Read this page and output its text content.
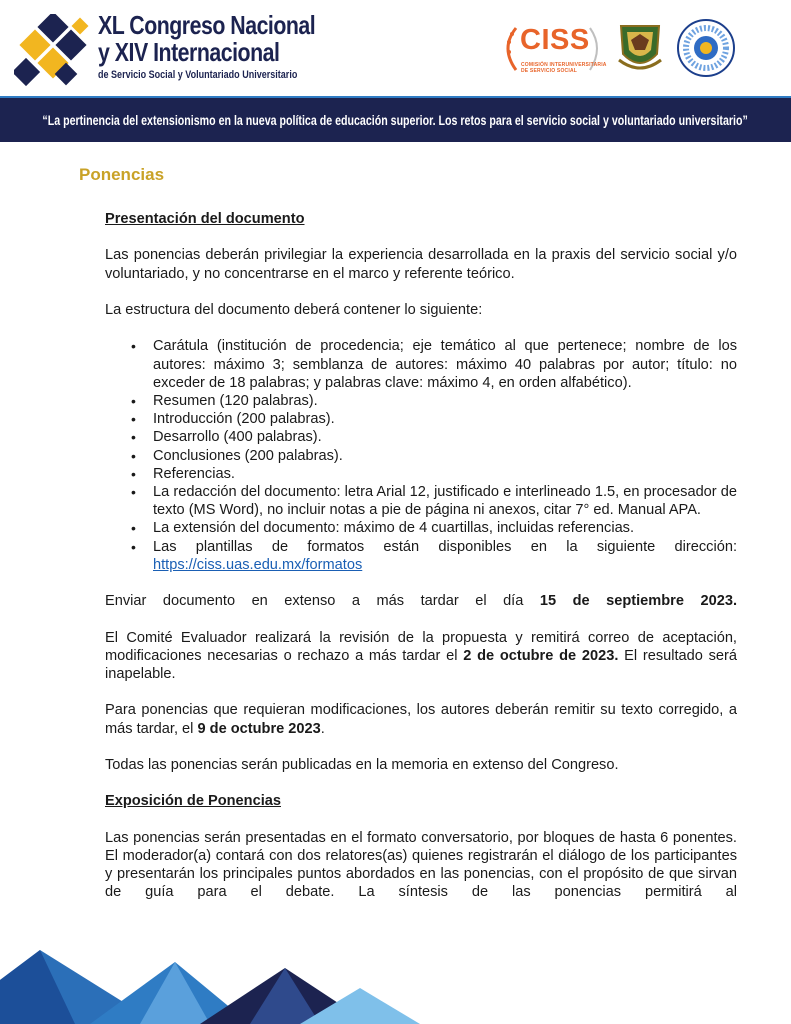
XL Congreso Nacional
y XIV Internacional
de Servicio Social y Voluntariado Universitario
CISS
COMISIÓN INTERUNIVERSITARIA
DE SERVICIO SOCIAL
“La pertinencia del extensionismo en la nueva política de educación superior. Los retos para el servicio social y voluntariado universitario”
Ponencias
Presentación del documento

Las ponencias deberán privilegiar la experiencia desarrollada en la praxis del servicio social y/o voluntariado, y no concentrarse en el marco y referente teórico.

La estructura del documento deberá contener lo siguiente:

• Carátula (institución de procedencia; eje temático al que pertenece; nombre de los autores: máximo 3; semblanza de autores: máximo 40 palabras por autor; título: no exceder de 18 palabras; y palabras clave: máximo 4, en orden alfabético).
• Resumen (120 palabras).
• Introducción (200 palabras).
• Desarrollo (400 palabras).
• Conclusiones (200 palabras).
• Referencias.
• La redacción del documento: letra Arial 12, justificado e interlineado 1.5, en procesador de texto (MS Word), no incluir notas a pie de página ni anexos, citar 7° ed. Manual APA.
• La extensión del documento: máximo de 4 cuartillas, incluidas referencias.
• Las plantillas de formatos están disponibles en la siguiente dirección: https://ciss.uas.edu.mx/formatos

Enviar documento en extenso a más tardar el día 15 de septiembre 2023.

El Comité Evaluador realizará la revisión de la propuesta y remitirá correo de aceptación, modificaciones necesarias o rechazo a más tardar el 2 de octubre de 2023. El resultado será inapelable.

Para ponencias que requieran modificaciones, los autores deberán remitir su texto corregido, a más tardar, el 9 de octubre 2023.

Todas las ponencias serán publicadas en la memoria en extenso del Congreso.

Exposición de Ponencias

Las ponencias serán presentadas en el formato conversatorio, por bloques de hasta 6 ponentes. El moderador(a) contará con dos relatores(as) quienes registrarán el diálogo de los participantes y presentarán los principales puntos abordados en las ponencias, con el propósito de que sirvan de guía para el debate. La síntesis de las ponencias permitirá al
